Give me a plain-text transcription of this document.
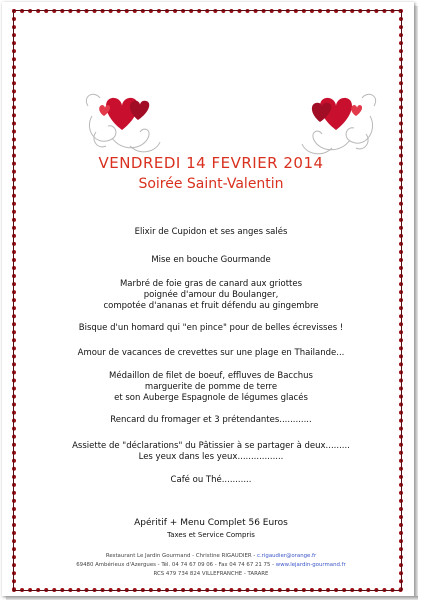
VENDREDI 14 FEVRIER 2014
Soirée Saint-Valentin
Elixir de Cupidon et ses anges salés
Mise en bouche Gourmande
Marbré de foie gras de canard aux griottes
poignée d'amour du Boulanger,
compotée d'ananas et fruit défendu au gingembre
Bisque d'un homard qui "en pince" pour de belles écrevisses !
Amour de vacances de crevettes sur une plage en Thailande...
Médaillon de filet de boeuf, effluves de Bacchus
marguerite de pomme de terre
et son Auberge Espagnole de légumes glacés
Rencard du fromager et 3 prétendantes............
Assiette de "déclarations" du Pâtissier à se partager à deux.........
Les yeux dans les yeux.................
Café ou Thé...........
Apéritif + Menu Complet 56 Euros
Taxes et Service Compris
Restaurant Le Jardin Gourmand - Christine RIGAUDIER - c.rigaudier@orange.fr
69480 Ambérieux d'Azergues - Tél. 04 74 67 09 06 - Fax 04 74 67 21 75 - www.lejardin-gourmand.fr
RCS 479 734 824 VILLEFRANCHE - TARARE
